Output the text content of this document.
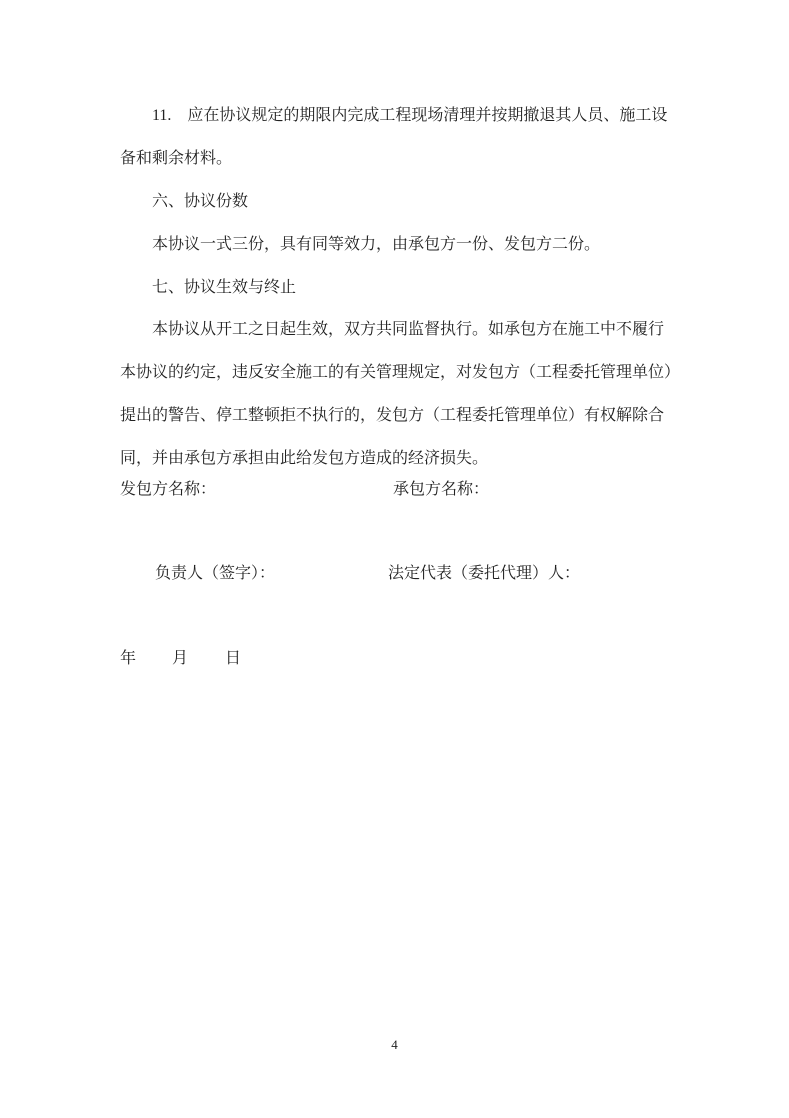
11.　应在协议规定的期限内完成工程现场清理并按期撤退其人员、施工设
备和剩余材料。
六、协议份数
本协议一式三份，具有同等效力，由承包方一份、发包方二份。
七、协议生效与终止
本协议从开工之日起生效，双方共同监督执行。如承包方在施工中不履行
本协议的约定，违反安全施工的有关管理规定，对发包方（工程委托管理单位）
提出的警告、停工整顿拒不执行的，发包方（工程委托管理单位）有权解除合
同，并由承包方承担由此给发包方造成的经济损失。
发包方名称：	承包方名称：
负责人（签字）：	法定代表（委托代理）人：
年 月 日
4
